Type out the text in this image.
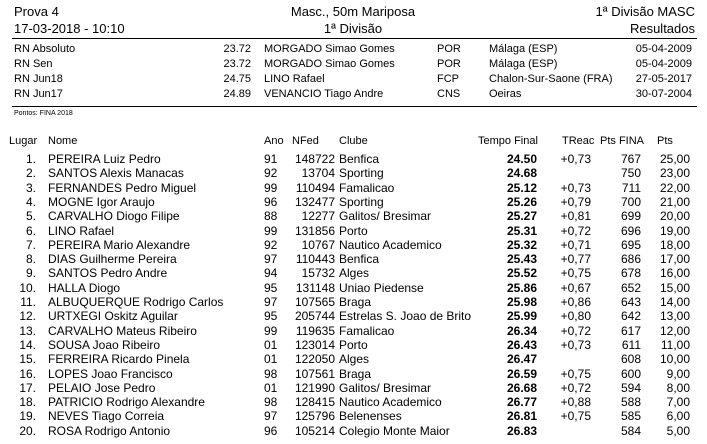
Prova 4
17-03-2018 - 10:10
Masc., 50m Mariposa
1ª Divisão
1ª Divisão MASC
Resultados
RN Absoluto	23.72 MORGADO Simao Gomes	POR	Málaga (ESP)	05-04-2009
RN Sen	23.72 MORGADO Simao Gomes	POR	Málaga (ESP)	05-04-2009
RN Jun18	24.75 LINO Rafael	FCP	Chalon-Sur-Saone (FRA) 27-05-2017
RN Jun17	24.89 VENANCIO Tiago Andre	CNS	Oeiras	30-07-2004
Pontos: FINA 2018
Lugar Nome	Ano NFed Clube	Tempo Final TReac Pts FINA Pts
1. PEREIRA Luiz Pedro	91 148722 Benfica	24.50 +0,73 767 25,00
2. SANTOS Alexis Manacas	92 13704 Sporting	24.68	750 23,00
3. FERNANDES Pedro Miguel	99 110494 Famalicao	25.12 +0,73	711 22,00
4. MOGNE Igor Araujo	96 132477 Sporting	25.26 +0,79 700 21,00
5. CARVALHO Diogo Filipe	88 12277 Galitos/ Bresimar	25.27 +0,81 699 20,00
6. LINO Rafael	99 131856 Porto	25.31 +0,72 696 19,00
7. PEREIRA Mario Alexandre	92 10767 Nautico Academico	25.32 +0,71 695 18,00
8. DIAS Guilherme Pereira	97 110443 Benfica	25.43 +0,77 686 17,00
9. SANTOS Pedro Andre	94 15732 Alges	25.52 +0,75 678 16,00
10. HALLA Diogo	95 131148 Uniao Piedense	25.86 +0,67 652 15,00
11. ALBUQUERQUE Rodrigo Carlos	97 107565 Braga	25.98 +0,86 643 14,00
12. URTXEGI Oskitz Aguilar	95 205744 Estrelas S. Joao de Brito	25.99 +0,80 642 13,00
13. CARVALHO Mateus Ribeiro	99 119635 Famalicao	26.34 +0,72 617 12,00
14. SOUSA Joao Ribeiro	01 123014 Porto	26.43 +0,73	611 11,00
15. FERREIRA Ricardo Pinela	01 122050 Alges	26.47	608 10,00
16. LOPES Joao Francisco	98 107561 Braga	26.59 +0,75 600 9,00
17. PELAIO Jose Pedro	01 121990 Galitos/ Bresimar	26.68 +0,72 594 8,00
18. PATRICIO Rodrigo Alexandre	98 128415 Nautico Academico	26.77 +0,88 588 7,00
19. NEVES Tiago Correia	97 125796 Belenenses	26.81 +0,75 585 6,00
20. ROSA Rodrigo Antonio	96 105214 Colegio Monte Maior	26.83	584 5,00
